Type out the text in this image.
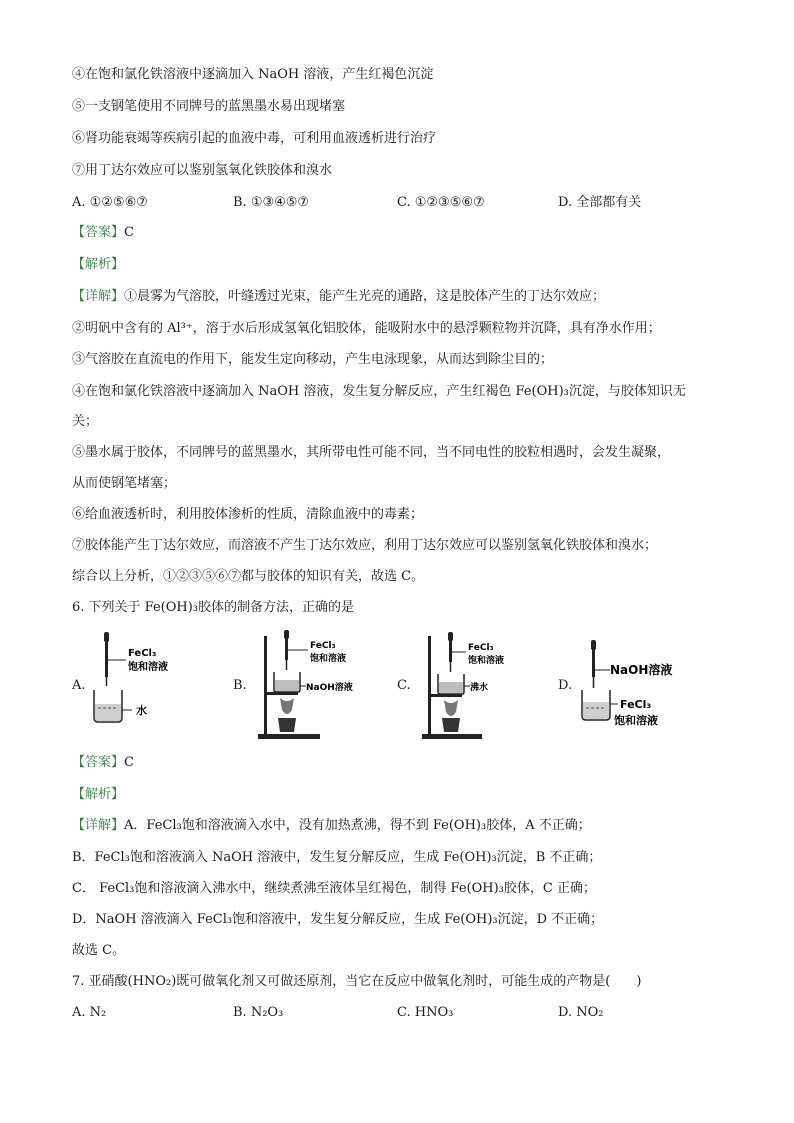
④在饱和氯化铁溶液中逐滴加入 NaOH 溶液，产生红褐色沉淀
⑤一支钢笔使用不同牌号的蓝黑墨水易出现堵塞
⑥肾功能衰竭等疾病引起的血液中毒，可利用血液透析进行治疗
⑦用丁达尔效应可以鉴别氢氧化铁胶体和溴水
A. ①②⑤⑥⑦	B. ①③④⑤⑦	C. ①②③⑤⑥⑦	D. 全部都有关
【答案】C
【解析】
【详解】①晨雾为气溶胶，叶缝透过光束，能产生光亮的通路，这是胶体产生的丁达尔效应；
②明矾中含有的 Al³⁺，溶于水后形成氢氧化铝胶体，能吸附水中的悬浮颗粒物并沉降，具有净水作用；
③气溶胶在直流电的作用下，能发生定向移动，产生电泳现象，从而达到除尘目的；
④在饱和氯化铁溶液中逐滴加入 NaOH 溶液，发生复分解反应，产生红褐色 Fe(OH)₃沉淀，与胶体知识无
关；
⑤墨水属于胶体，不同牌号的蓝黑墨水，其所带电性可能不同，当不同电性的胶粒相遇时，会发生凝聚，
从而使钢笔堵塞；
⑥给血液透析时，利用胶体渗析的性质，清除血液中的毒素；
⑦胶体能产生丁达尔效应，而溶液不产生丁达尔效应，利用丁达尔效应可以鉴别氢氧化铁胶体和溴水；
综合以上分析，①②③⑤⑥⑦都与胶体的知识有关，故选 C。
6. 下列关于 Fe(OH)₃胶体的制备方法，正确的是
A.
FeCl₃
饱和溶液
水
B.
FeCl₃
饱和溶液
NaOH溶液	C.
FeCl₃
饱和溶液
沸水	D.
NaOH溶液
FeCl₃
饱和溶液
【答案】C
【解析】
【详解】A．FeCl₃饱和溶液滴入水中，没有加热煮沸，得不到 Fe(OH)₃胶体，A 不正确；
B．FeCl₃饱和溶液滴入 NaOH 溶液中，发生复分解反应，生成 Fe(OH)₃沉淀，B 不正确；
C． FeCl₃饱和溶液滴入沸水中，继续煮沸至液体呈红褐色，制得 Fe(OH)₃胶体，C 正确；
D．NaOH 溶液滴入 FeCl₃饱和溶液中，发生复分解反应，生成 Fe(OH)₃沉淀，D 不正确；
故选 C。
7. 亚硝酸(HNO₂)既可做氧化剂又可做还原剂，当它在反应中做氧化剂时，可能生成的产物是(　　)
A. N₂	B. N₂O₃	C. HNO₃	D. NO₂
